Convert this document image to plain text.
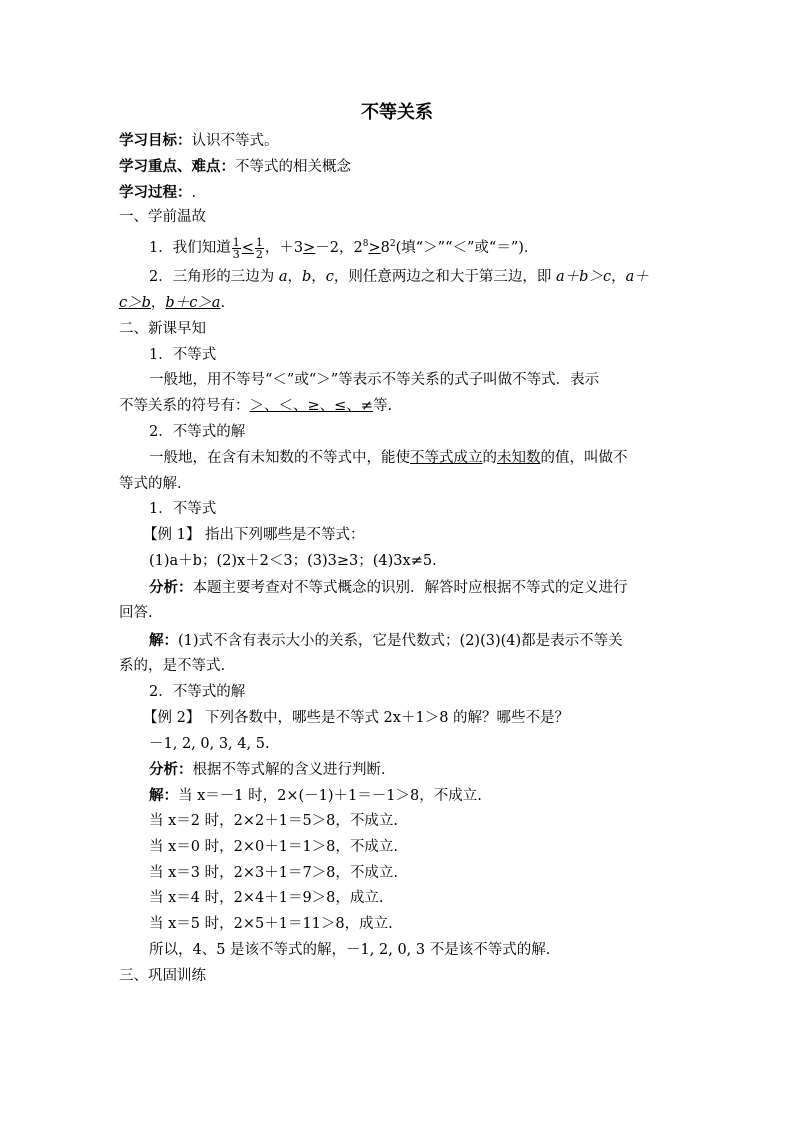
不等关系
学习目标：认识不等式。
学习重点、难点：不等式的相关概念
学习过程：.
一、学前温故
1．我们知道 $\frac{1}{3} < \frac{1}{2}$ ，＋3>－2，$2^8>8^2$(填“＞”“＜”或“＝”)．
2．三角形的三边为 a，b，c，则任意两边之和大于第三边，即 a＋b＞c，a＋
c＞b，b＋c＞a.
二、新课早知
1．不等式
一般地，用不等号“＜”或“＞”等表示不等关系的式子叫做不等式．表示
不等关系的符号有：＞、＜、≥、≤、≠等.
2．不等式的解
一般地，在含有未知数的不等式中，能使不等式成立的未知数的值，叫做不
等式的解．
1．不等式
【例 1】 指出下列哪些是不等式：
(1)a＋b；(2)x＋2＜3；(3)3≥3；(4)3x≠5.
分析：本题主要考查对不等式概念的识别．解答时应根据不等式的定义进行
回答.
解：(1)式不含有表示大小的关系，它是代数式；(2)(3)(4)都是表示不等关
系的，是不等式.
2．不等式的解
【例 2】 下列各数中，哪些是不等式 2x＋1＞8 的解？哪些不是？
－1, 2, 0, 3, 4, 5.
分析：根据不等式解的含义进行判断．
解：当 x＝－1 时，2×(－1)＋1＝－1＞8，不成立.
当 x＝2 时，2×2＋1＝5＞8，不成立.
当 x＝0 时，2×0＋1＝1＞8，不成立.
当 x＝3 时，2×3＋1＝7＞8，不成立.
当 x＝4 时，2×4＋1＝9＞8，成立.
当 x＝5 时，2×5＋1＝11＞8，成立.
所以，4、5 是该不等式的解，－1, 2, 0, 3 不是该不等式的解.
三、巩固训练
